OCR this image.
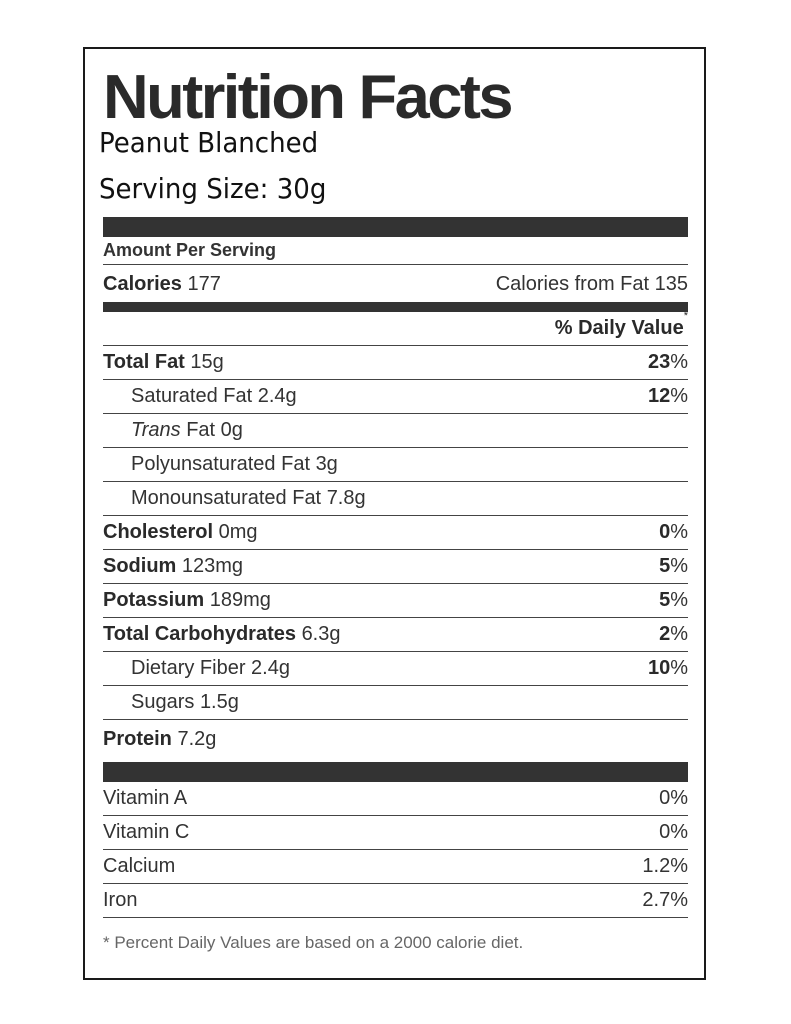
Nutrition Facts
Peanut Blanched
Serving Size: 30g
Amount Per Serving
Calories 177	Calories from Fat 135
% Daily Value*
Total Fat 15g	23%
Saturated Fat 2.4g	12%
Trans Fat 0g
Polyunsaturated Fat 3g
Monounsaturated Fat 7.8g
Cholesterol 0mg	0%
Sodium 123mg	5%
Potassium 189mg	5%
Total Carbohydrates 6.3g	2%
Dietary Fiber 2.4g	10%
Sugars 1.5g
Protein 7.2g
Vitamin A	0%
Vitamin C	0%
Calcium	1.2%
Iron	2.7%
* Percent Daily Values are based on a 2000 calorie diet.
